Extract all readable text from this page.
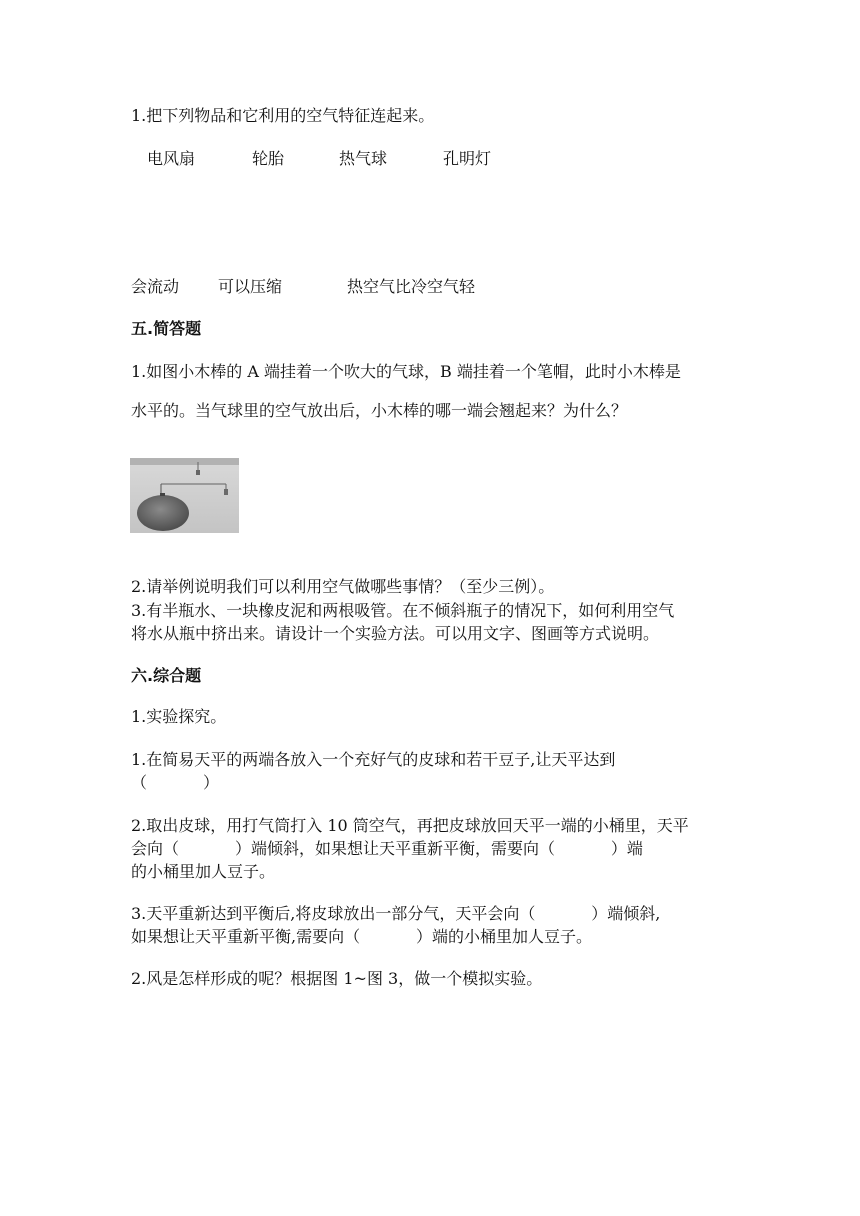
1.把下列物品和它利用的空气特征连起来。
电风扇	轮胎	热气球	孔明灯
会流动 可以压缩	热空气比冷空气轻
五.简答题
1.如图小木棒的 A 端挂着一个吹大的气球，B 端挂着一个笔帽，此时小木棒是
水平的。当气球里的空气放出后，小木棒的哪一端会翘起来？为什么？
2.请举例说明我们可以利用空气做哪些事情？（至少三例）。
3.有半瓶水、一块橡皮泥和两根吸管。在不倾斜瓶子的情况下，如何利用空气
将水从瓶中挤出来。请设计一个实验方法。可以用文字、图画等方式说明。
六.综合题
1.实验探究。
1.在简易天平的两端各放入一个充好气的皮球和若干豆子,让天平达到
（           ）
2.取出皮球，用打气筒打入 10 筒空气，再把皮球放回天平一端的小桶里，天平
会向（           ）端倾斜，如果想让天平重新平衡，需要向（           ）端
的小桶里加人豆子。
3.天平重新达到平衡后,将皮球放出一部分气，天平会向（           ）端倾斜,
如果想让天平重新平衡,需要向（           ）端的小桶里加人豆子。
2.风是怎样形成的呢？根据图 1~图 3，做一个模拟实验。
